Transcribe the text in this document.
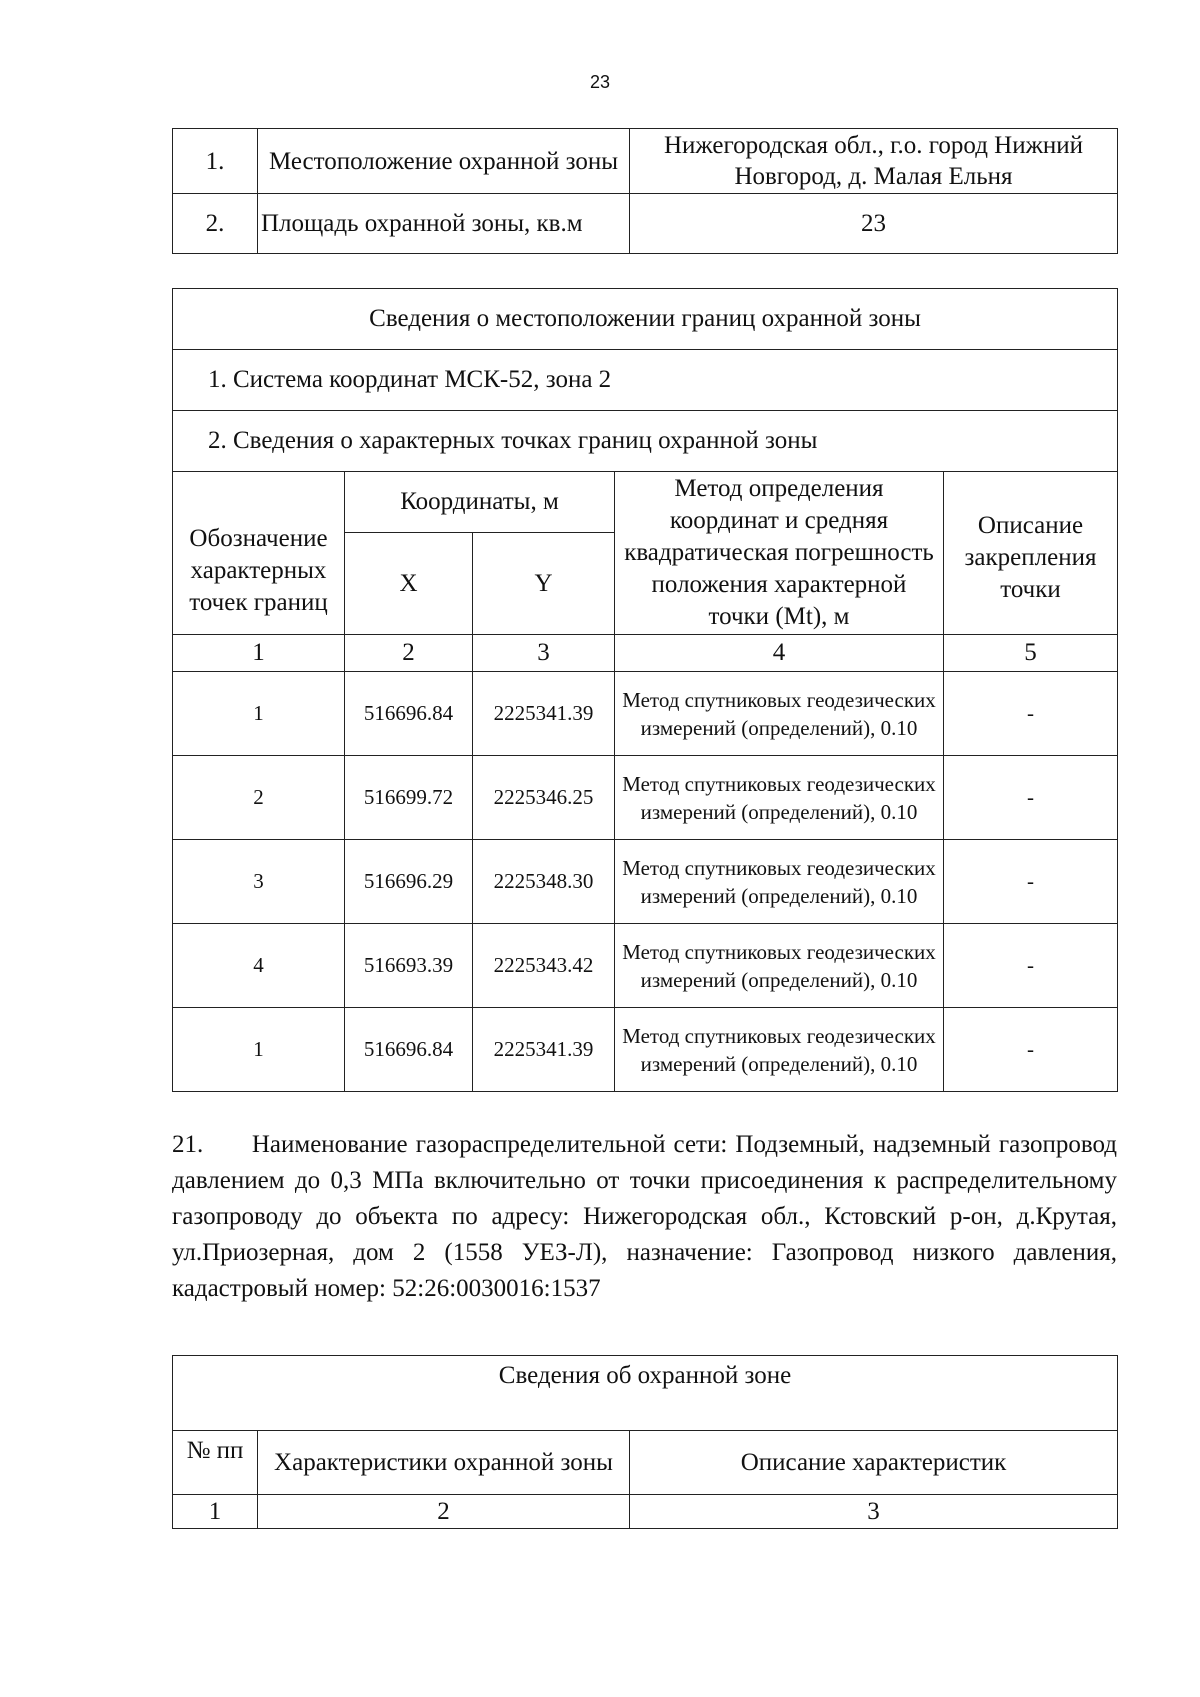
23
1.	Местоположение охранной зоны	Нижегородская обл., г.о. город Нижний Новгород, д. Малая Ельня
2.	Площадь охранной зоны, кв.м	23
Сведения о местоположении границ охранной зоны				
1. Система координат МСК-52, зона 2				
2. Сведения о характерных точках границ охранной зоны				
Обозначение характерных точек границ	Координаты, м		Метод определения координат и средняя квадратическая погрешность положения характерной точки (Mt), м	Описание закрепления точки
	X	Y		
1	2	3	4	5
1	516696.84	2225341.39	Метод спутниковых геодезических измерений (определений), 0.10	-
2	516699.72	2225346.25	Метод спутниковых геодезических измерений (определений), 0.10	-
3	516696.29	2225348.30	Метод спутниковых геодезических измерений (определений), 0.10	-
4	516693.39	2225343.42	Метод спутниковых геодезических измерений (определений), 0.10	-
1	516696.84	2225341.39	Метод спутниковых геодезических измерений (определений), 0.10	-
21.      Наименование газораспределительной сети: Подземный, надземный газопровод давлением до 0,3 МПа включительно от точки присоединения к распределительному газопроводу до объекта по адресу: Нижегородская обл., Кстовский р-он, д.Крутая, ул.Приозерная, дом 2 (1558 УЕЗ-Л), назначение: Газопровод низкого давления, кадастровый номер: 52:26:0030016:1537
Сведения об охранной зоне		
№ пп	Характеристики охранной зоны	Описание характеристик
1	2	3
